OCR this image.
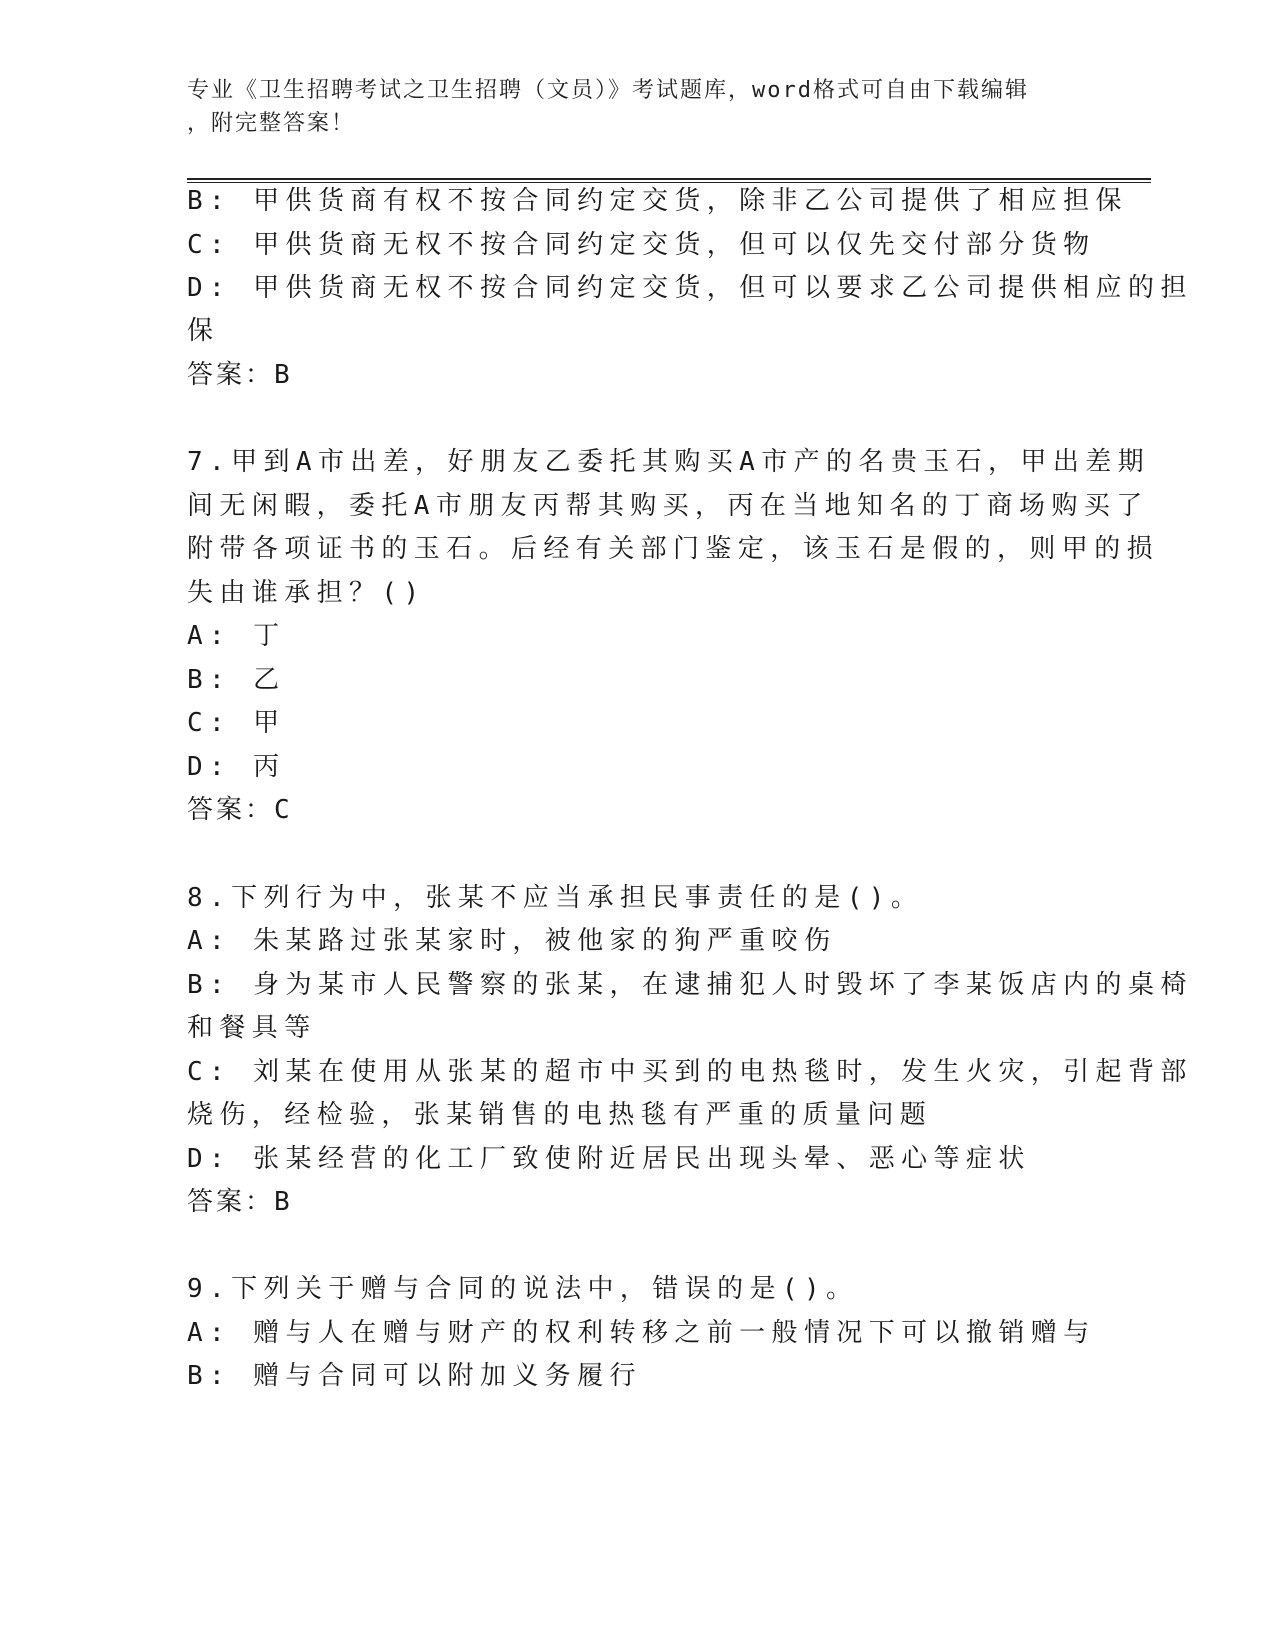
专业《卫生招聘考试之卫生招聘（文员）》考试题库，word格式可自由下载编辑
，附完整答案！
B: 甲供货商有权不按合同约定交货，除非乙公司提供了相应担保
C: 甲供货商无权不按合同约定交货，但可以仅先交付部分货物
D: 甲供货商无权不按合同约定交货，但可以要求乙公司提供相应的担
保
答案：B
7.甲到A市出差，好朋友乙委托其购买A市产的名贵玉石，甲出差期
间无闲暇，委托A市朋友丙帮其购买，丙在当地知名的丁商场购买了
附带各项证书的玉石。后经有关部门鉴定，该玉石是假的，则甲的损
失由谁承担？()
A: 丁
B: 乙
C: 甲
D: 丙
答案：C
8.下列行为中，张某不应当承担民事责任的是()。
A: 朱某路过张某家时，被他家的狗严重咬伤
B: 身为某市人民警察的张某，在逮捕犯人时毁坏了李某饭店内的桌椅
和餐具等
C: 刘某在使用从张某的超市中买到的电热毯时，发生火灾，引起背部
烧伤，经检验，张某销售的电热毯有严重的质量问题
D: 张某经营的化工厂致使附近居民出现头晕、恶心等症状
答案：B
9.下列关于赠与合同的说法中，错误的是()。
A: 赠与人在赠与财产的权利转移之前一般情况下可以撤销赠与
B: 赠与合同可以附加义务履行
